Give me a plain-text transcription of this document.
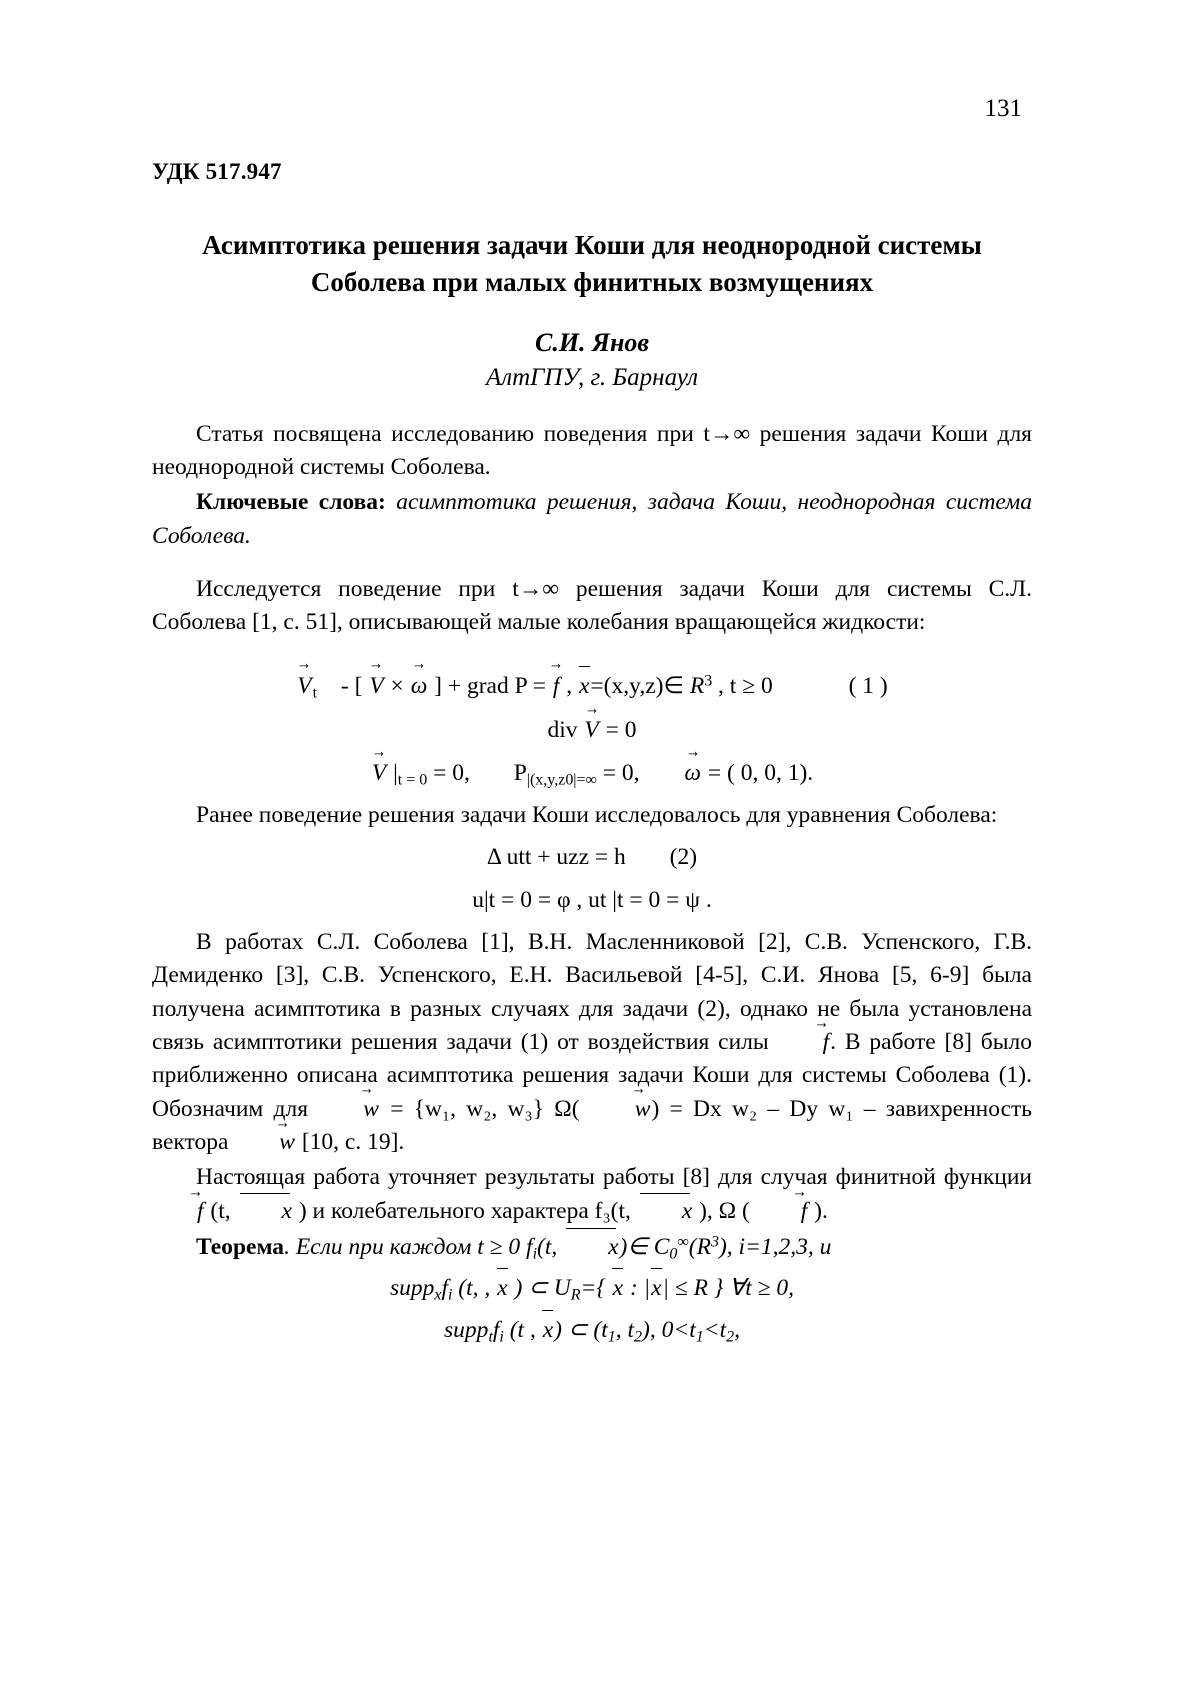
131
УДК 517.947
Асимптотика решения задачи Коши для неоднородной системы Соболева при малых финитных возмущениях
С.И. Янов
АлтГПУ, г. Барнаул

Статья посвящена исследованию поведения при t→∞ решения задачи Коши для неоднородной системы Соболева.

Ключевые слова: асимптотика решения, задача Коши, неоднородная система Соболева.

Исследуется поведение при t→∞ решения задачи Коши для системы С.Л. Соболева [1, с. 51], описывающей малые колебания вращающейся жидкости:

$V \to_t$ - [ V → × ω → ] + grad P = f → , x=(x,y,z)∈ $R^3$ , t ≥ 0	( 1 )
div V → = 0
$V \to |_{t = 0} = 0$, $P_{|(x,y,z0|=\infty} = 0$, ω → = ( 0, 0, 1).

Ранее поведение решения задачи Коши исследовалось для уравнения Соболева:

Δ utt + uzz = h (2)
u|t = 0 = φ , ut |t = 0 = ψ .

В работах С.Л. Соболева [1], В.Н. Масленниковой [2], С.В. Успенского, Г.В. Демиденко [3], С.В. Успенского, Е.Н. Васильевой [4-5], С.И. Янова [5, 6-9] была получена асимптотика в разных случаях для задачи (2), однако не была установлена связь асимптотики решения задачи (1) от воздействия силы f →. В работе [8] было приближенно описана асимптотика решения задачи Коши для системы Соболева (1). Обозначим для w → = {w₁, w₂, w₃} Ω( w →) = Dx w₂ – Dy w₁ – завихренность вектора w → [10, с. 19].

Настоящая работа уточняет результаты работы [8] для случая финитной функции f → (t, x ) и колебательного характера f₃(t, x ), Ω ( f → ).

Теорема. Если при каждом t ≥ 0 $f_i(t$, x)∈ $C_0^\infty(R^3)$, i=1,2,3, и

$supp_xf_i$ (t, , x ) ⊂ $U_R=${ x : |x| ≤ R } ∀t ≥ 0,
$supp_tf_i$ (t , x) ⊂ ($t_1$, $t_2$), $0<t_1<t_2$,
